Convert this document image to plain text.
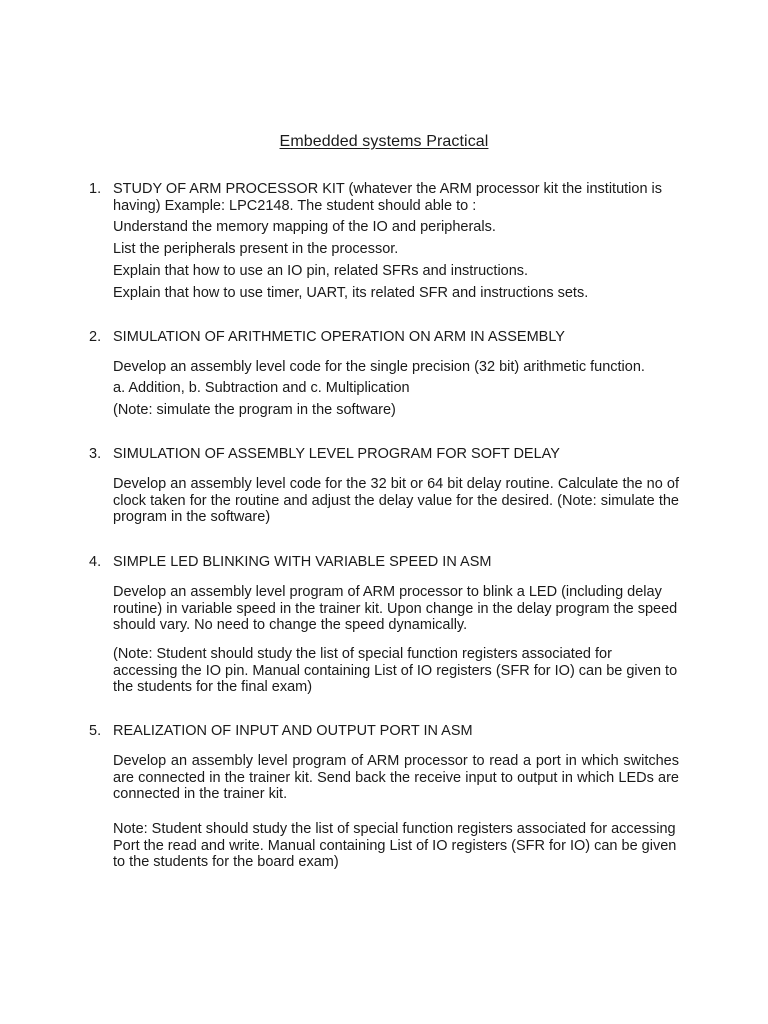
Embedded systems Practical
1. STUDY OF ARM PROCESSOR KIT (whatever the ARM processor kit the institution is having) Example: LPC2148. The student should able to :
Understand the memory mapping of the IO and peripherals.
List the peripherals present in the processor.
Explain that how to use an IO pin, related SFRs and instructions.
Explain that how to use timer, UART, its related SFR and instructions sets.
2. SIMULATION OF ARITHMETIC OPERATION ON ARM IN ASSEMBLY
Develop an assembly level code for the single precision (32 bit) arithmetic function.
a. Addition, b. Subtraction and c. Multiplication
(Note: simulate the program in the software)
3. SIMULATION OF ASSEMBLY LEVEL PROGRAM FOR SOFT DELAY
Develop an assembly level code for the 32 bit or 64 bit delay routine. Calculate the no of clock taken for the routine and adjust the delay value for the desired. (Note: simulate the program in the software)
4. SIMPLE LED BLINKING WITH VARIABLE SPEED IN ASM
Develop an assembly level program of ARM processor to blink a LED (including delay routine) in variable speed in the trainer kit. Upon change in the delay program the speed should vary. No need to change the speed dynamically.
(Note: Student should study the list of special function registers associated for accessing the IO pin. Manual containing List of IO registers (SFR for IO) can be given to the students for the final exam)
5. REALIZATION OF INPUT AND OUTPUT PORT IN ASM
Develop an assembly level program of ARM processor to read a port in which switches are connected in the trainer kit. Send back the receive input to output in which LEDs are connected in the trainer kit.
Note: Student should study the list of special function registers associated for accessing Port the read and write. Manual containing List of IO registers (SFR for IO) can be given to the students for the board exam)
